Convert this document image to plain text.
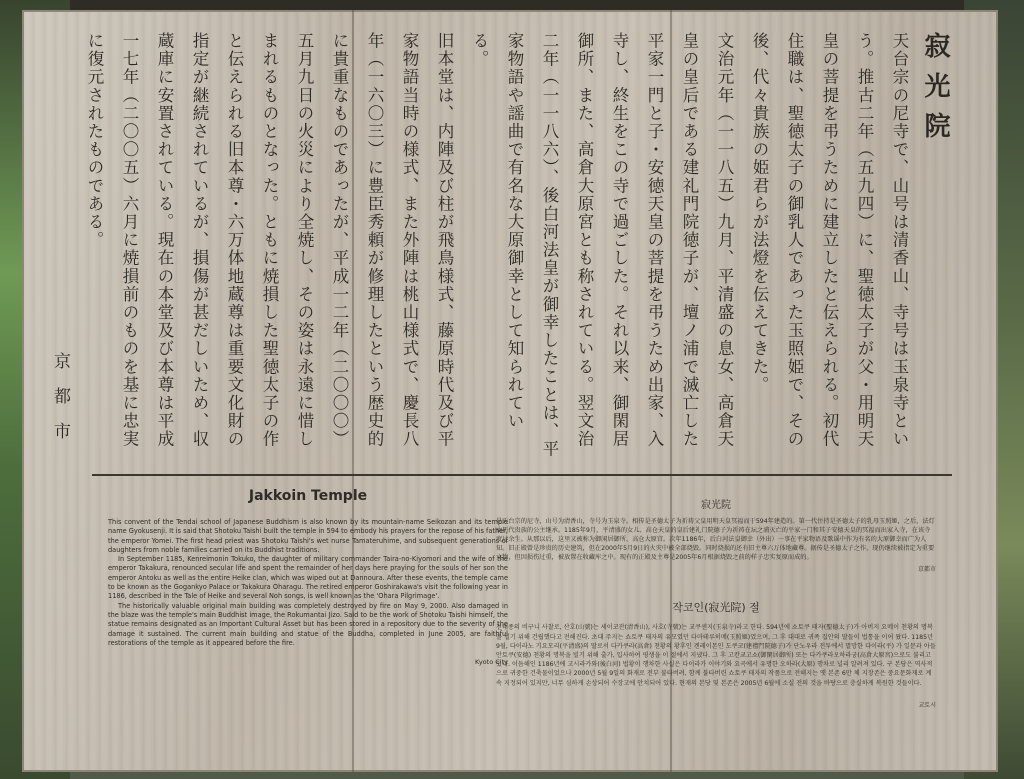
寂光院

天台宗の尼寺で、山号は清香山、寺号は玉泉寺という。推古二年（五九四）に、聖徳太子が父・用明天皇の菩提を弔うために建立したと伝えられる。初代住職は、聖徳太子の御乳人であった玉照姫で、その後、代々貴族の姫君らが法燈を伝えてきた。

文治元年（一一八五）九月、平清盛の息女、高倉天皇の皇后である建礼門院徳子が、壇ノ浦で滅亡した平家一門と子・安徳天皇の菩提を弔うため出家、入寺し、終生をこの寺で過ごした。それ以来、御閑居御所、また、高倉大原宮とも称されている。翌文治二年（一一八六）、後白河法皇が御幸したことは、平家物語や謡曲で有名な大原御幸として知られている。

旧本堂は、内陣及び柱が飛鳥様式、藤原時代及び平家物語当時の様式、また外陣は桃山様式で、慶長八年（一六〇三）に豊臣秀頼が修理したという歴史的に貴重なものであったが、平成一二年（二〇〇〇）五月九日の火災により全焼し、その姿は永遠に惜しまれるものとなった。ともに焼損した聖徳太子の作と伝えられる旧本尊・六万体地蔵尊は重要文化財の指定が継続されているが、損傷が甚だしいため、収蔵庫に安置されている。現在の本堂及び本尊は平成一七年（二〇〇五）六月に焼損前のものを基に忠実に復元されたものである。

京都市

Jakkoin Temple

This convent of the Tendai school of Japanese Buddhism is also known by its mountain-name Seikozan and its temple name Gyokusenji. It is said that Shotoku Taishi built the temple in 594 to embody his prayers for the repose of his father, the emperor Yomei. The first head priest was Shotoku Taishi's wet nurse Tamateruhime, and subsequent generations of daughters from noble families carried on its Buddhist traditions.

In September 1185, Kenreimonin Tokuko, the daughter of military commander Taira-no-Kiyomori and the wife of the emperor Takakura, renounced secular life and spent the remainder of her days here praying for the souls of her son the emperor Antoku as well as the entire Heike clan, which was wiped out at Dannoura. After these events, the temple came to be known as the Gogankyo Palace or Takakura Oharagu. The retired emperor Goshirakawa's visit the following year in 1186, described in the Tale of Heike and several Noh songs, is well known as the 'Ohara Pilgrimage'.

The historically valuable original main building was completely destroyed by fire on May 9, 2000. Also damaged in the blaze was the temple's main Buddhist image, the Rokumantai Jizo. Said to be the work of Shotoku Taishi himself, the statue remains designated as an Important Cultural Asset but has been stored in a repository due to the severity of the damage it sustained. The current main building and statue of the Buddha, completed in June 2005, are faithful restorations of the temple as it appeared before the fire.

Kyoto City

寂光院

是天台宗的尼寺，山号为清香山，寺号为玉泉寺。相传是圣德太子为祈祷父皇用明天皇冥福而于594年建造的。第一代住持是圣德太子的乳母玉照姬，之后，法灯由历代贵族的公主继承。1185年9月，平清盛的女儿、高仓天皇的皇后建礼门院德子为祈祷在坛之浦灭亡的平家一门和其子安德天皇的冥福而出家入寺，在该寺度过余生。从那以后，这里又被称为御闲居御所、高仓大原宫。次年1186年，后白河法皇御幸（外出）一事在平家物语及歌谣中作为有名的大原御幸而广为人知。旧正殿曾是珍贵的历史建筑，但在2000年5月9日的火灾中被全部烧毁。同时烧损的还有旧主尊六万体地藏尊。据传是圣德太子之作，现仍继续被指定为重要文物，但因损伤过重，被放置在收藏库之中。现有的正殿及主尊是2005年6月根据烧毁之前的样子忠实复原而成的。

京都市

작코인(寂光院) 절

천태종의 비구니 사찰로, 산호(山號)는 세이코잔(清香山), 사호(寺號)는 교쿠센지(玉泉寺)라고 한다. 594년에 쇼토쿠 태자(聖德太子)가 아버지 요메이 천황의 명복을 빌기 위해 건립했다고 전해진다. 초대 주지는 쇼토쿠 태자의 유모였던 다마테루히메(玉照姬)였으며, 그 후 대대로 귀족 집안의 딸들이 법통을 이어 왔다. 1185년 9월, 다이라노 기요모리(平清盛)의 딸로서 다카쿠라(高倉) 천황의 황후인 겐레이몬인 도쿠코(建禮門院德子)가 단노우라 전투에서 멸망한 다이라(平) 가 일문과 아들 안토쿠(安德) 천황의 명복을 빌기 위해 출가, 입사하여 평생을 이 절에서 지냈다. 그 후 고칸쿄고쇼(御閑居御所) 또는 다카쿠라오하라궁(高倉大原宮)으로도 불리고 있다. 이듬해인 1186년에 고시라카와(後白河) 법황이 행차한 사실은 다이라가 이야기와 요곡에서 유명한 오하라(大原) 행차로 널리 알려져 있다. 구 본당은 역사적으로 귀중한 건축물이었으나 2000년 5월 9일의 화재로 전부 불타버려, 함께 불타버린 쇼토쿠 태자의 작품으로 전해지는 옛 본존 6만 체 지장존은 중요문화재로 계속 지정되어 있지만, 너무 심하게 손상되어 수장고에 안치되어 있다. 현재의 본당 및 본존은 2005년 6월에 소실 전의 것을 바탕으로 충실하게 복원한 것들이다.

교토시
